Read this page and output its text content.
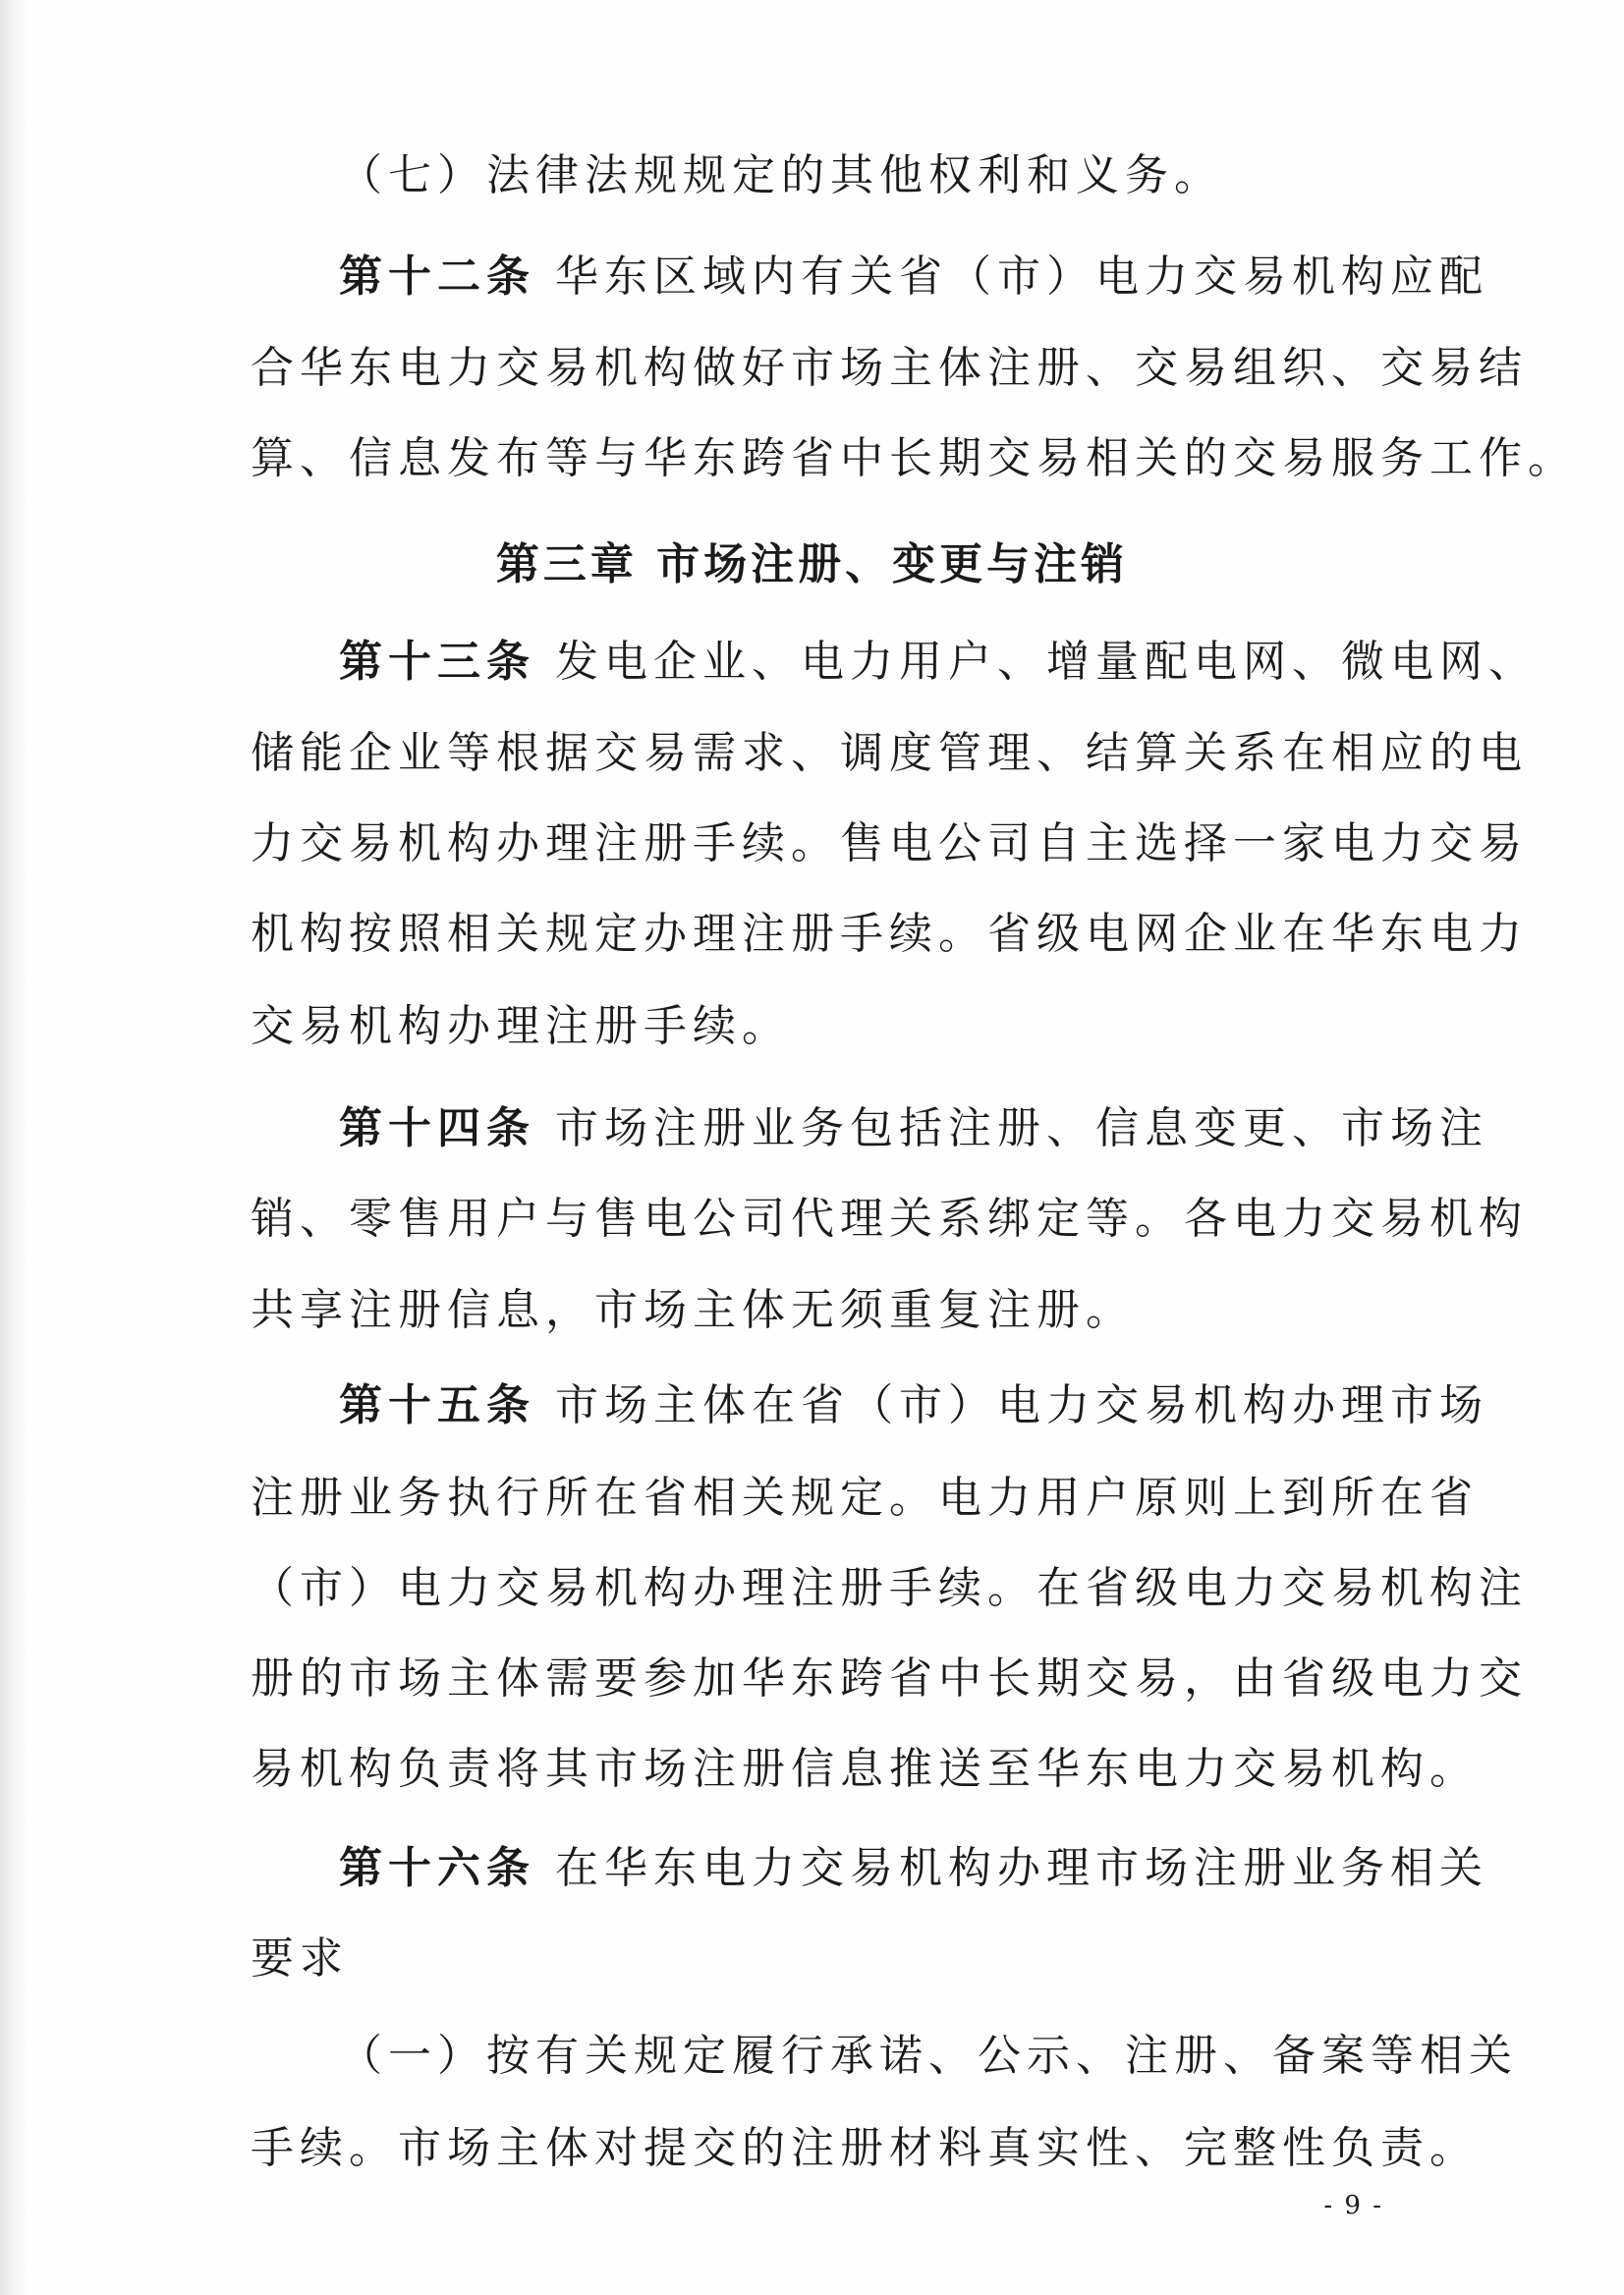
（七）法律法规规定的其他权利和义务。
第十二条 华东区域内有关省（市）电力交易机构应配
合华东电力交易机构做好市场主体注册、交易组织、交易结
算、信息发布等与华东跨省中长期交易相关的交易服务工作。
第三章 市场注册、变更与注销
第十三条 发电企业、电力用户、增量配电网、微电网、
储能企业等根据交易需求、调度管理、结算关系在相应的电
力交易机构办理注册手续。售电公司自主选择一家电力交易
机构按照相关规定办理注册手续。省级电网企业在华东电力
交易机构办理注册手续。
第十四条 市场注册业务包括注册、信息变更、市场注
销、零售用户与售电公司代理关系绑定等。各电力交易机构
共享注册信息，市场主体无须重复注册。
第十五条 市场主体在省（市）电力交易机构办理市场
注册业务执行所在省相关规定。电力用户原则上到所在省
（市）电力交易机构办理注册手续。在省级电力交易机构注
册的市场主体需要参加华东跨省中长期交易，由省级电力交
易机构负责将其市场注册信息推送至华东电力交易机构。
第十六条 在华东电力交易机构办理市场注册业务相关
要求
（一）按有关规定履行承诺、公示、注册、备案等相关
手续。市场主体对提交的注册材料真实性、完整性负责。
- 9 -
